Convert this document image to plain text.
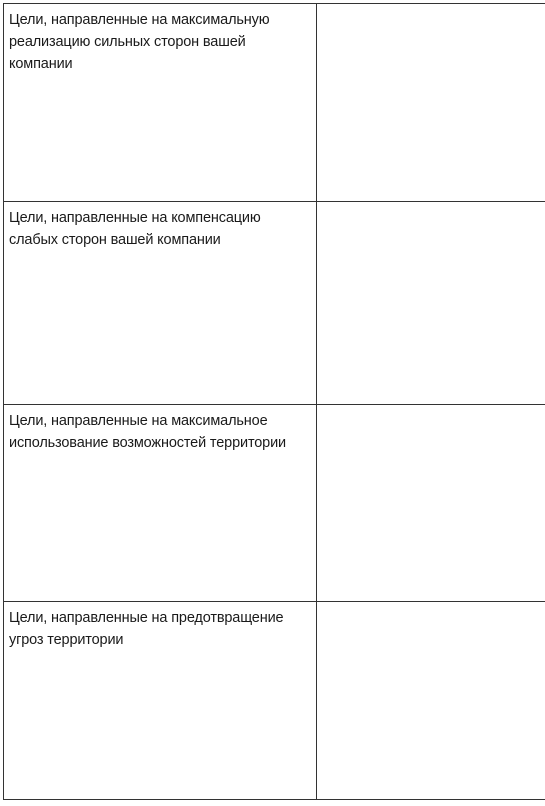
Цели, направленные на максимальную реализацию сильных сторон вашей компании	
Цели, направленные на компенсацию слабых сторон вашей компании	
Цели, направленные на максимальное использование возможностей территории	
Цели, направленные на предотвращение угроз территории	
